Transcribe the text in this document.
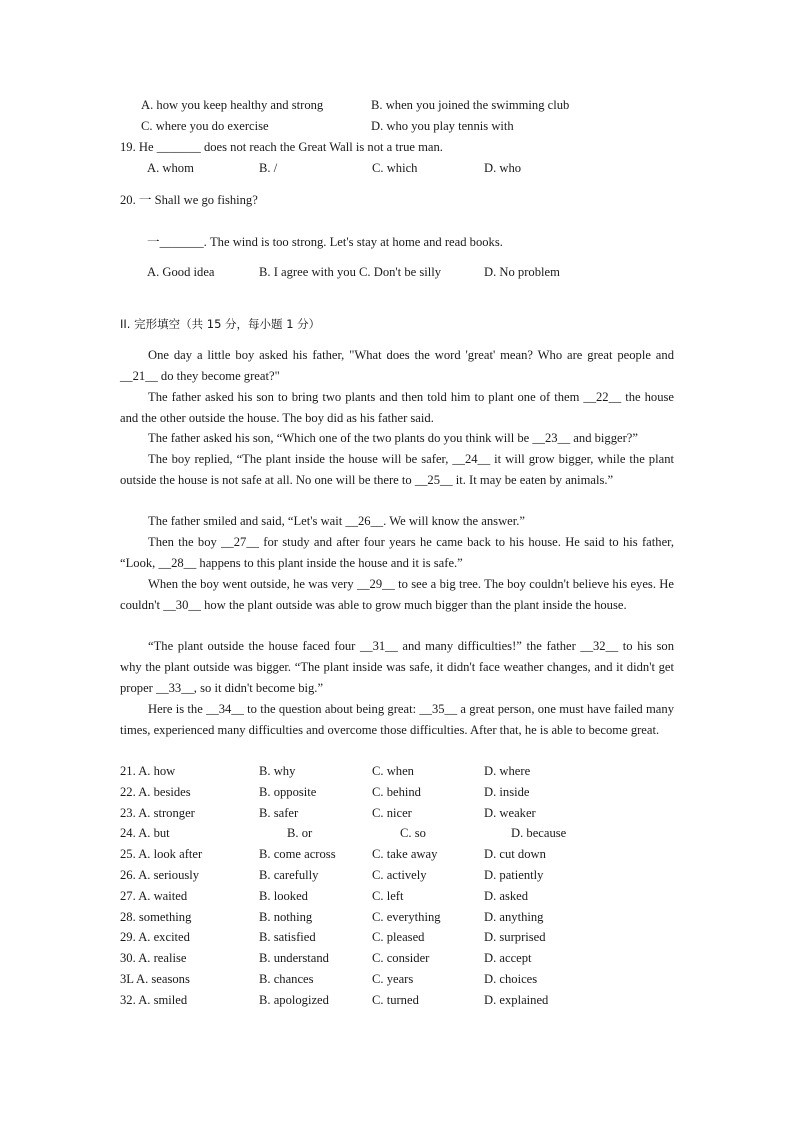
A. how you keep healthy and strong	B. when you joined the swimming club
C. where you do exercise	D. who you play tennis with
19. He _______ does not reach the Great Wall is not a true man.
A. whom	B. /	C. which	D. who
20. 一 Shall we go fishing?
一_______. The wind is too strong. Let's stay at home and read books.
A. Good idea	B. I agree with you C. Don't be silly	D. No problem
II. 完形填空（共 15 分，每小题 1 分）
One day a little boy asked his father, "What does the word 'great' mean? Who are great people and __21__ do they become great?"
The father asked his son to bring two plants and then told him to plant one of them __22__ the house and the other outside the house. The boy did as his father said.
The father asked his son, “Which one of the two plants do you think will be __23__ and bigger?”
The boy replied, “The plant inside the house will be safer, __24__ it will grow bigger, while the plant outside the house is not safe at all. No one will be there to __25__ it. It may be eaten by animals.”
The father smiled and said, “Let's wait __26__. We will know the answer.”
Then the boy __27__ for study and after four years he came back to his house. He said to his father, “Look, __28__ happens to this plant inside the house and it is safe.”
When the boy went outside, he was very __29__ to see a big tree. The boy couldn't believe his eyes. He couldn't __30__ how the plant outside was able to grow much bigger than the plant inside the house.
“The plant outside the house faced four __31__ and many difficulties!” the father __32__ to his son why the plant outside was bigger. “The plant inside was safe, it didn't face weather changes, and it didn't get proper __33__, so it didn't become big.”
Here is the __34__ to the question about being great: __35__ a great person, one must have failed many times, experienced many difficulties and overcome those difficulties. After that, he is able to become great.
21. A. how	B. why	C. when	D. where
22. A. besides	B. opposite	C. behind	D. inside
23. A. stronger	B. safer	C. nicer	D. weaker
24. A. but	B. or	C. so	D. because
25. A. look after	B. come across	C. take away	D. cut down
26. A. seriously	B. carefully	C. actively	D. patiently
27. A. waited	B. looked	C. left	D. asked
28. something	B. nothing	C. everything	D. anything
29. A. excited	B. satisfied	C. pleased	D. surprised
30. A. realise	B. understand	C. consider	D. accept
3L A. seasons	B. chances	C. years	D. choices
32. A. smiled	B. apologized	C. turned	D. explained
